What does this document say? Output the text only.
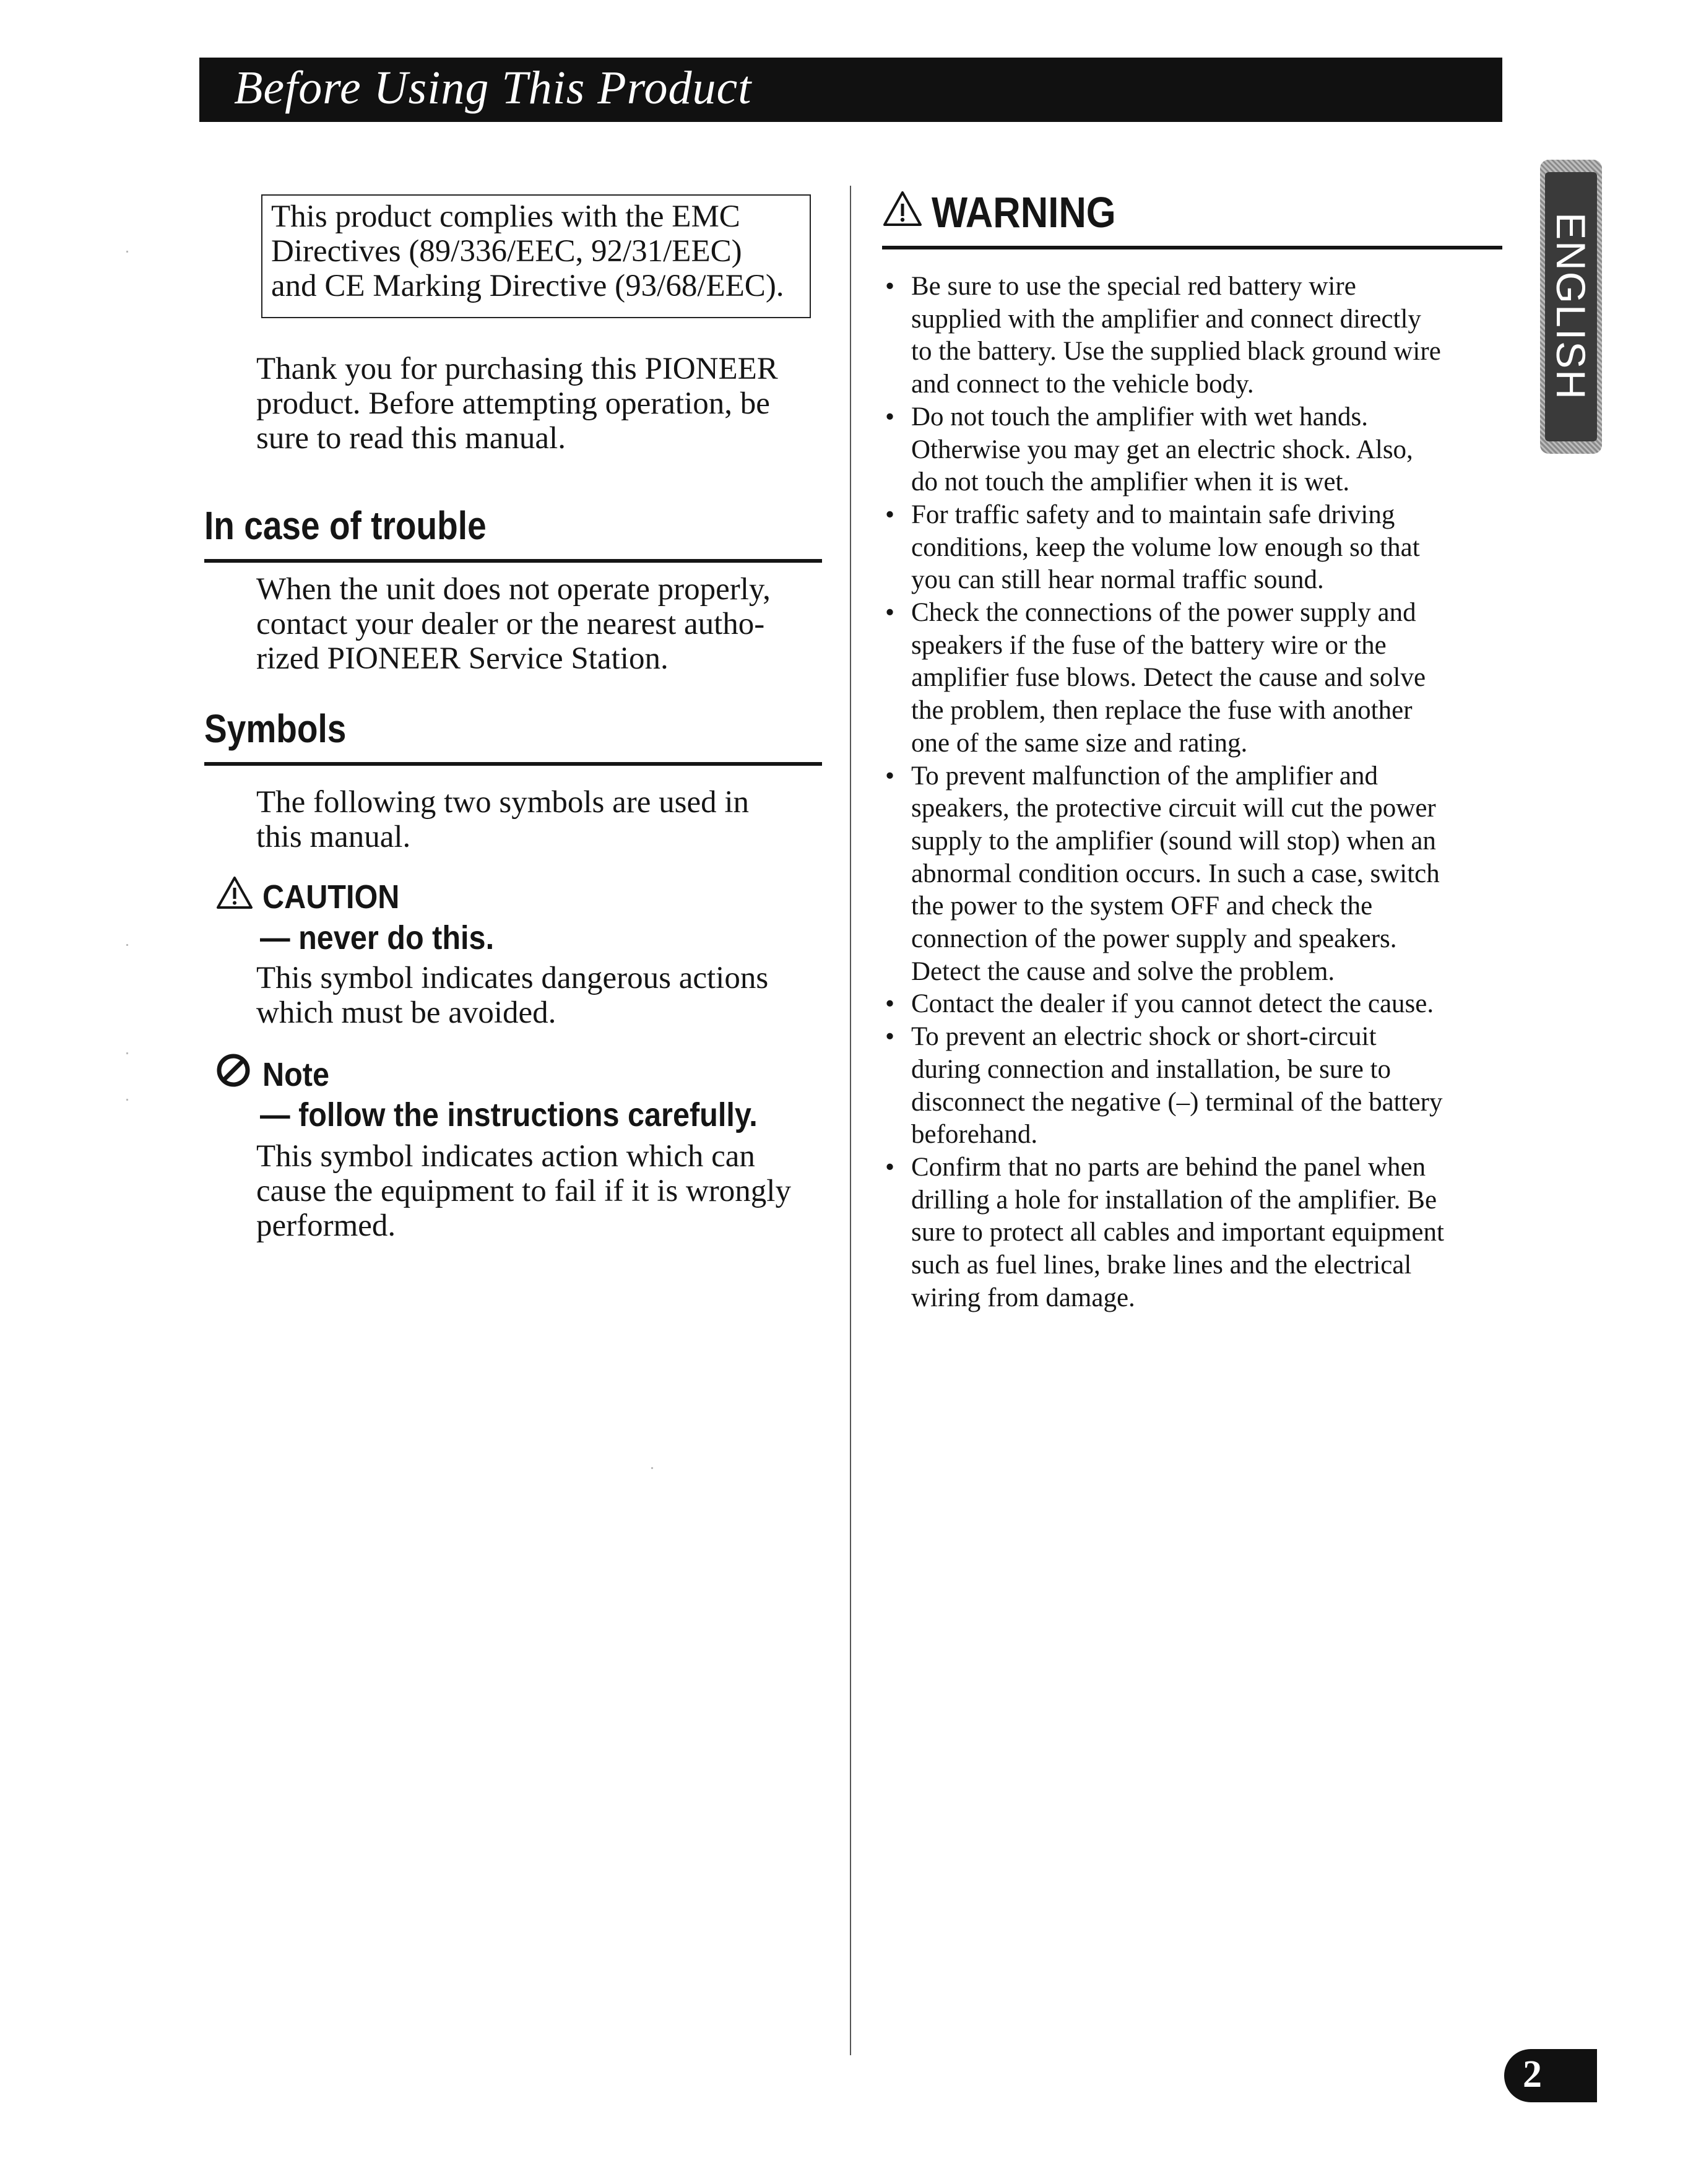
Before Using This Product
This product complies with the EMC
Directives (89/336/EEC, 92/31/EEC)
and CE Marking Directive (93/68/EEC).
Thank you for purchasing this PIONEER
product. Before attempting operation, be
sure to read this manual.
In case of trouble
When the unit does not operate properly,
contact your dealer or the nearest autho-
rized PIONEER Service Station.
Symbols
The following two symbols are used in
this manual.
CAUTION
— never do this.
This symbol indicates dangerous actions
which must be avoided.
Note
— follow the instructions carefully.
This symbol indicates action which can
cause the equipment to fail if it is wrongly
performed.
WARNING
• Be sure to use the special red battery wire
supplied with the amplifier and connect directly
to the battery. Use the supplied black ground wire
and connect to the vehicle body.
• Do not touch the amplifier with wet hands.
Otherwise you may get an electric shock. Also,
do not touch the amplifier when it is wet.
• For traffic safety and to maintain safe driving
conditions, keep the volume low enough so that
you can still hear normal traffic sound.
• Check the connections of the power supply and
speakers if the fuse of the battery wire or the
amplifier fuse blows. Detect the cause and solve
the problem, then replace the fuse with another
one of the same size and rating.
• To prevent malfunction of the amplifier and
speakers, the protective circuit will cut the power
supply to the amplifier (sound will stop) when an
abnormal condition occurs. In such a case, switch
the power to the system OFF and check the
connection of the power supply and speakers.
Detect the cause and solve the problem.
• Contact the dealer if you cannot detect the cause.
• To prevent an electric shock or short-circuit
during connection and installation, be sure to
disconnect the negative (–) terminal of the battery
beforehand.
• Confirm that no parts are behind the panel when
drilling a hole for installation of the amplifier. Be
sure to protect all cables and important equipment
such as fuel lines, brake lines and the electrical
wiring from damage.
ENGLISH
2
